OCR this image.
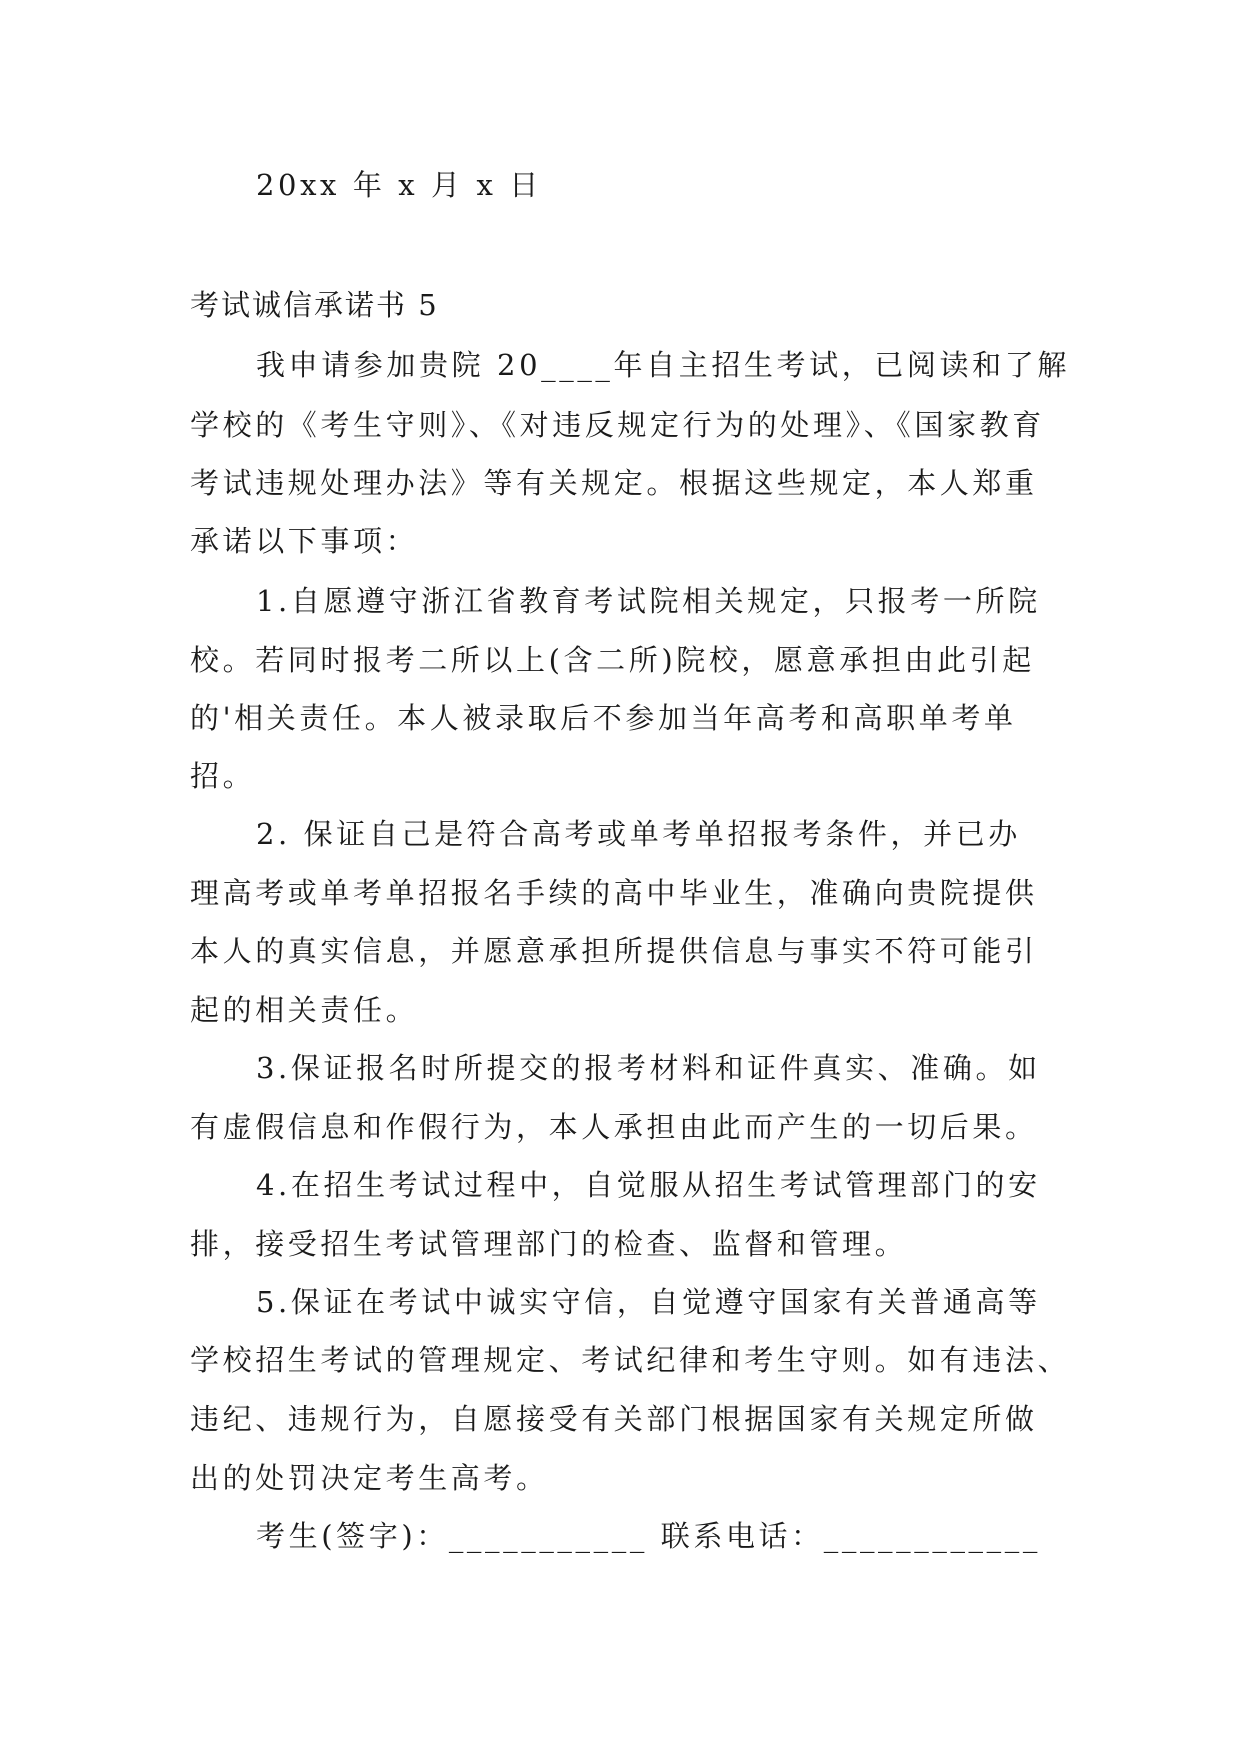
20xx 年 x 月 x 日

考试诚信承诺书 5

我申请参加贵院 20____年自主招生考试，已阅读和了解

学校的《考生守则》、《对违反规定行为的处理》、《国家教育

考试违规处理办法》等有关规定。根据这些规定，本人郑重

承诺以下事项：

1.自愿遵守浙江省教育考试院相关规定，只报考一所院

校。若同时报考二所以上(含二所)院校，愿意承担由此引起

的'相关责任。本人被录取后不参加当年高考和高职单考单

招。

2. 保证自己是符合高考或单考单招报考条件，并已办

理高考或单考单招报名手续的高中毕业生，准确向贵院提供

本人的真实信息，并愿意承担所提供信息与事实不符可能引

起的相关责任。

3.保证报名时所提交的报考材料和证件真实、准确。如

有虚假信息和作假行为，本人承担由此而产生的一切后果。

4.在招生考试过程中，自觉服从招生考试管理部门的安

排，接受招生考试管理部门的检查、监督和管理。

5.保证在考试中诚实守信，自觉遵守国家有关普通高等

学校招生考试的管理规定、考试纪律和考生守则。如有违法、

违纪、违规行为，自愿接受有关部门根据国家有关规定所做

出的处罚决定考生高考。

考生(签字)：___________ 联系电话：____________
